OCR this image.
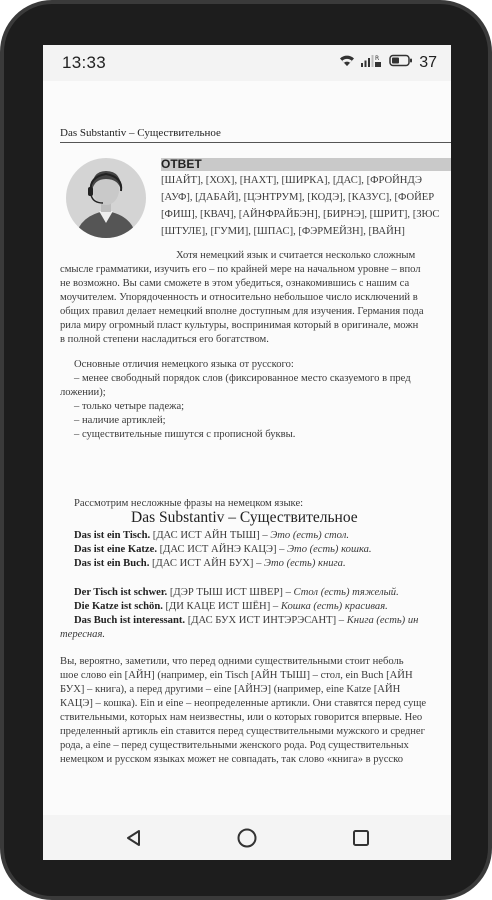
13:33	R 37
Das Substantiv – Существительное
ОТВЕТ
[ШАЙТ], [ХОХ], [НАХТ], [ШИРКА], [ДАС], [ФРОЙНДЭ
[АУФ], [ДАБАЙ], [ЦЭНТРУМ], [КОДЭ], [КАЗУС], [ФОЙЕР
[ФИШ], [КВАЧ], [АЙНФРАЙБЭН], [БИРНЭ], [ШРИТ], [ЗЮС
[ШТУЛЕ], [ГУМИ], [ШПАС], [ФЭРМЕЙЗН], [ВАЙН]
Хотя немецкий язык и считается несколько сложным
смысле грамматики, изучить его – по крайней мере на начальном уровне – впол
не возможно. Вы сами сможете в этом убедиться, ознакомившись с нашим са
моучителем. Упорядоченность и относительно небольшое число исключений в
общих правил делает немецкий вполне доступным для изучения. Германия пода
рила миру огромный пласт культуры, воспринимая который в оригинале, можн
в полной степени насладиться его богатством.
Основные отличия немецкого языка от русского:
– менее свободный порядок слов (фиксированное место сказуемого в пред
ложении);
– только четыре падежа;
– наличие артиклей;
– существительные пишутся с прописной буквы.
Das Substantiv – Существительное
Рассмотрим несложные фразы на немецком языке:
Das ist ein Tisch. [ДАС ИСТ АЙН ТЫШ] – Это (есть) стол.
Das ist eine Katze. [ДАС ИСТ АЙНЭ КАЦЭ] – Это (есть) кошка.
Das ist ein Buch. [ДАС ИСТ АЙН БУХ] – Это (есть) книга.
Der Tisch ist schwer. [ДЭР ТЫШ ИСТ ШВЕР] – Стол (есть) тяжелый.
Die Katze ist schön. [ДИ КАЦЕ ИСТ ШЁН] – Кошка (есть) красивая.
Das Buch ist interessant. [ДАС БУХ ИСТ ИНТЭРЭСАНТ] – Книга (есть) ин
тересная.
Вы, вероятно, заметили, что перед одними существительными стоит неболь
шое слово ein [АЙН] (например, ein Tisch [АЙН ТЫШ] – стол, ein Buch [АЙН
БУХ] – книга), а перед другими – eine [АЙНЭ] (например, eine Katze [АЙН
КАЦЭ] – кошка). Ein и eine – неопределенные артикли. Они ставятся перед суще
ствительными, которых нам неизвестны, или о которых говорится впервые. Нео
пределенный артикль ein ставится перед существительными мужского и среднег
рода, а eine – перед существительными женского рода. Род существительных
немецком и русском языках может не совпадать, так слово «книга» в русско
